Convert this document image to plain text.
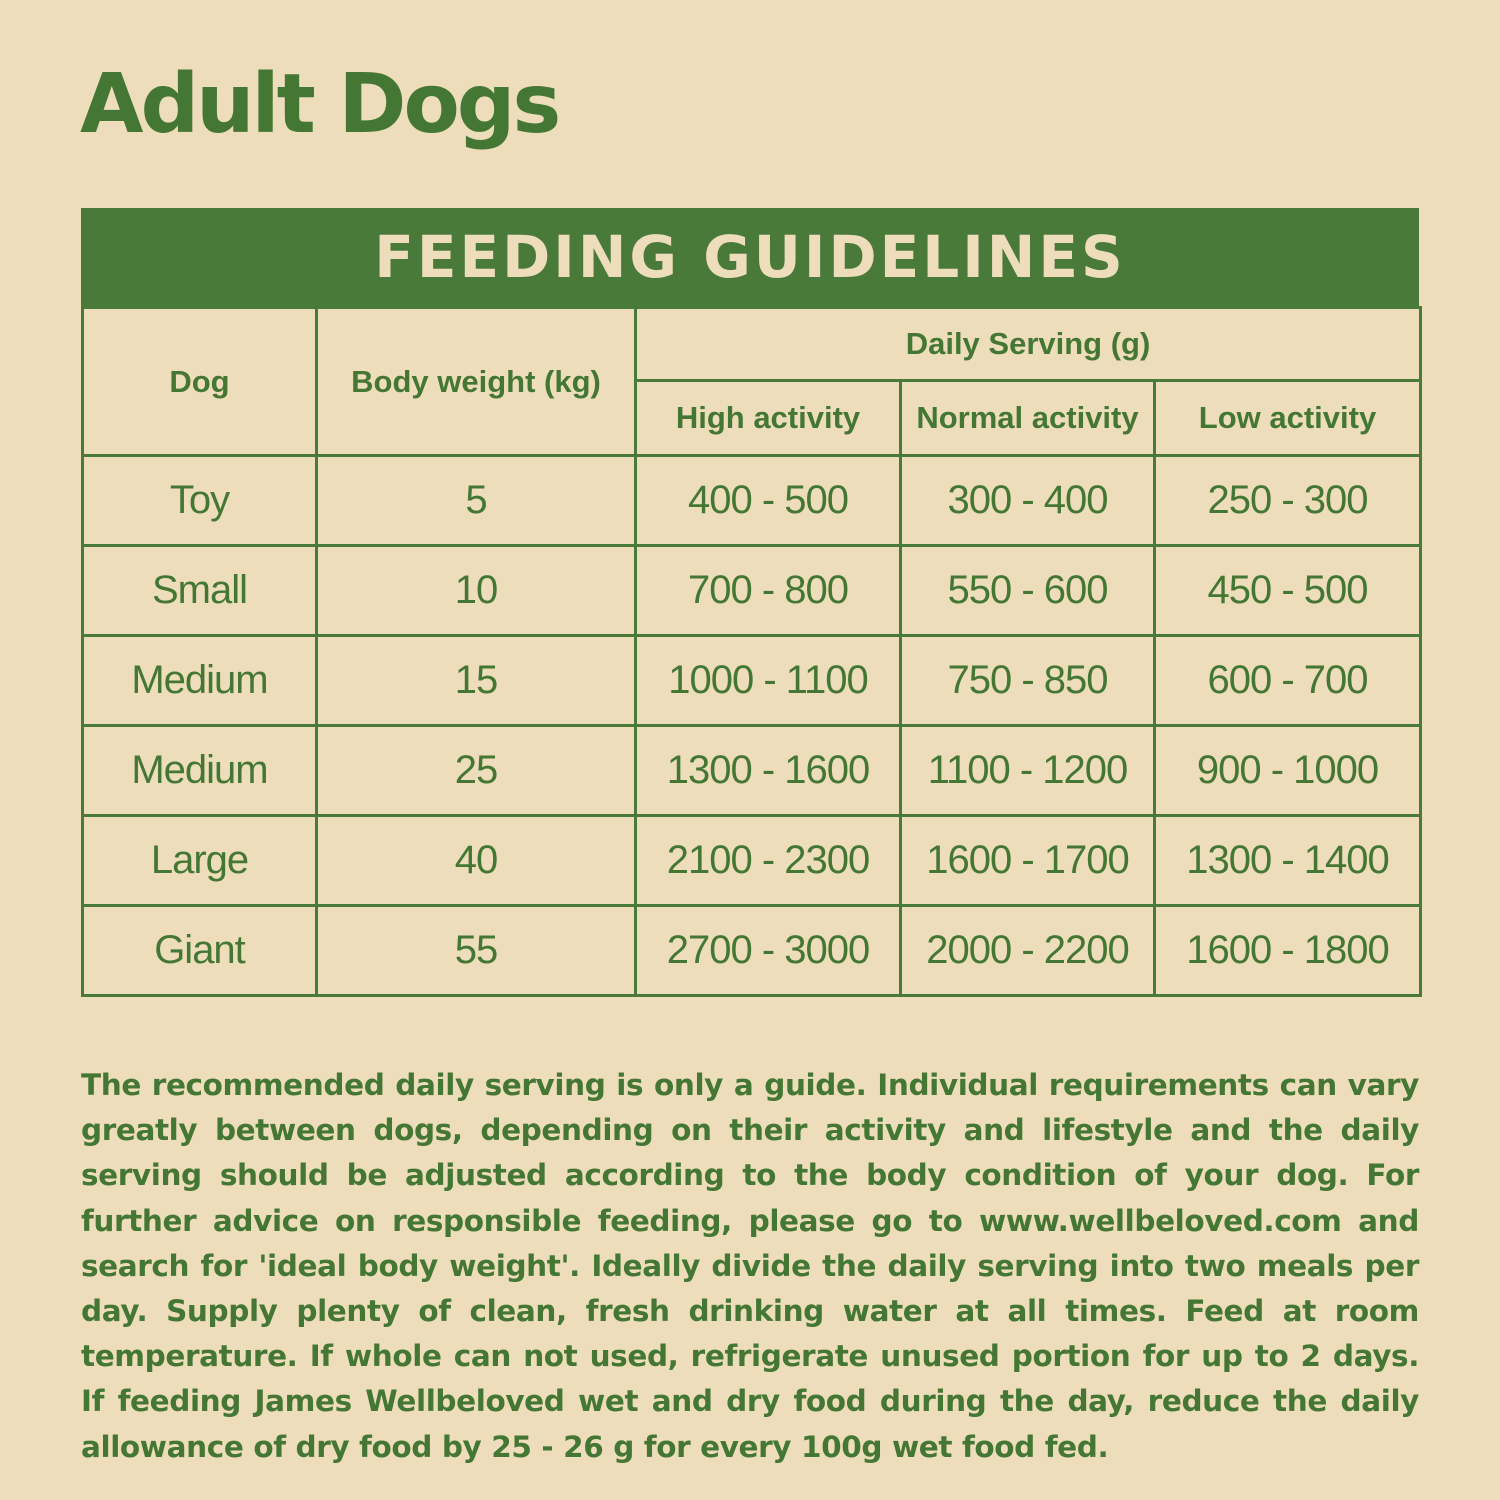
Adult Dogs
FEEDING GUIDELINES
Dog	Body weight (kg)	Daily Serving (g)		
		High activity	Normal activity	Low activity
Toy	5	400 - 500	300 - 400	250 - 300
Small	10	700 - 800	550 - 600	450 - 500
Medium	15	1000 - 1100	750 - 850	600 - 700
Medium	25	1300 - 1600	1100 - 1200	900 - 1000
Large	40	2100 - 2300	1600 - 1700	1300 - 1400
Giant	55	2700 - 3000	2000 - 2200	1600 - 1800

The recommended daily serving is only a guide. Individual requirements can vary greatly between dogs, depending on their activity and lifestyle and the daily serving should be adjusted according to the body condition of your dog. For further advice on responsible feeding, please go to www.wellbeloved.com and search for 'ideal body weight'. Ideally divide the daily serving into two meals per day. Supply plenty of clean, fresh drinking water at all times. Feed at room temperature. If whole can not used, refrigerate unused portion for up to 2 days. If feeding James Wellbeloved wet and dry food during the day, reduce the daily allowance of dry food by 25 - 26 g for every 100g wet food fed.
